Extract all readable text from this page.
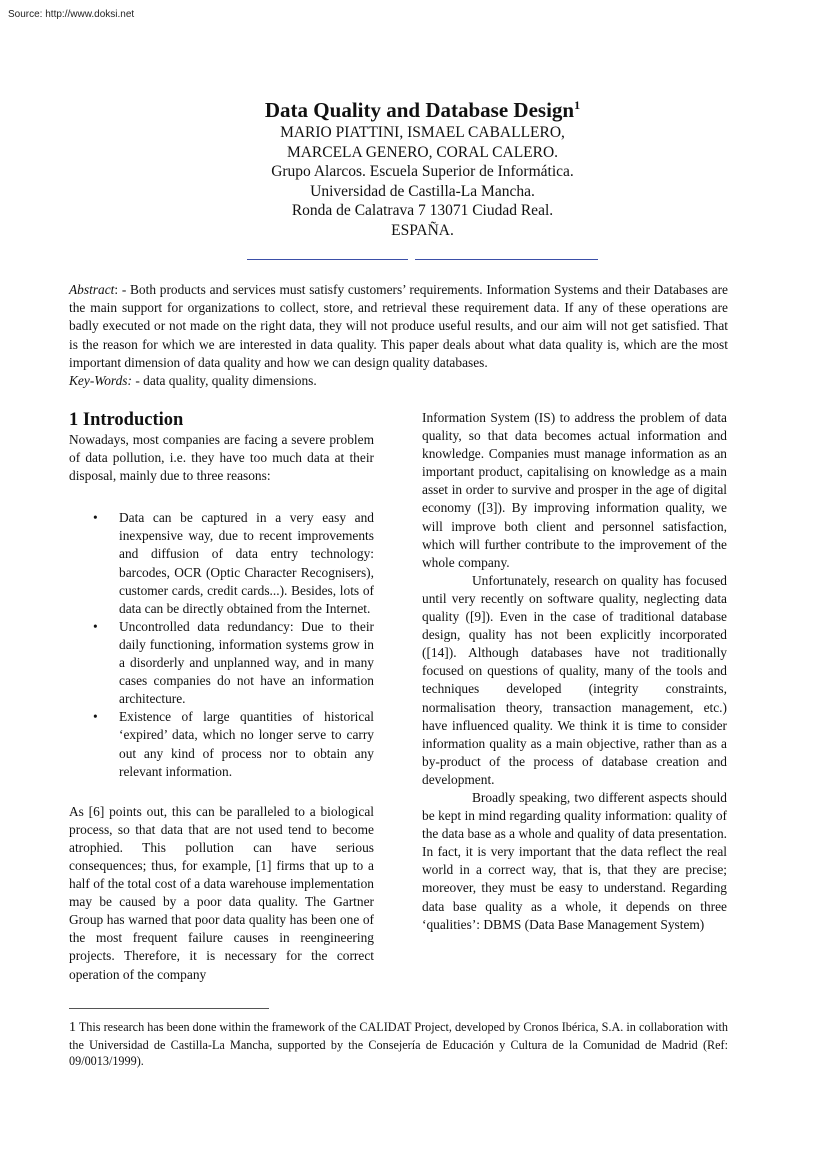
Source: http://www.doksi.net
Data Quality and Database Design$^1$
MARIO PIATTINI, ISMAEL CABALLERO,
MARCELA GENERO, CORAL CALERO.
Grupo Alarcos. Escuela Superior de Informática.
Universidad de Castilla-La Mancha.
Ronda de Calatrava 7 13071 Ciudad Real.
ESPAÑA.
Abstract: - Both products and services must satisfy customers’ requirements. Information Systems and their Databases are the main support for organizations to collect, store, and retrieval these requirement data. If any of these operations are badly executed or not made on the right data, they will not produce useful results, and our aim will not get satisfied. That is the reason for which we are interested in data quality. This paper deals about what data quality is, which are the most important dimension of data quality and how we can design quality databases.
Key-Words: - data quality, quality dimensions.
1 Introduction

Nowadays, most companies are facing a severe problem of data pollution, i.e. they have too much data at their disposal, mainly due to three reasons:

• Data can be captured in a very easy and inexpensive way, due to recent improvements and diffusion of data entry technology: barcodes, OCR (Optic Character Recognisers), customer cards, credit cards...). Besides, lots of data can be directly obtained from the Internet.
• Uncontrolled data redundancy: Due to their daily functioning, information systems grow in a disorderly and unplanned way, and in many cases companies do not have an information architecture.
• Existence of large quantities of historical ‘expired’ data, which no longer serve to carry out any kind of process nor to obtain any relevant information.

As [6] points out, this can be paralleled to a biological process, so that data that are not used tend to become atrophied. This pollution can have serious consequences; thus, for example, [1] firms that up to a half of the total cost of a data warehouse implementation may be caused by a poor data quality. The Gartner Group has warned that poor data quality has been one of the most frequent failure causes in reengineering projects. Therefore, it is necessary for the correct operation of the company

Information System (IS) to address the problem of data quality, so that data becomes actual information and knowledge. Companies must manage information as an important product, capitalising on knowledge as a main asset in order to survive and prosper in the age of digital economy ([3]). By improving information quality, we will improve both client and personnel satisfaction, which will further contribute to the improvement of the whole company.

Unfortunately, research on quality has focused until very recently on software quality, neglecting data quality ([9]). Even in the case of traditional database design, quality has not been explicitly incorporated ([14]). Although databases have not traditionally focused on questions of quality, many of the tools and techniques developed (integrity constraints, normalisation theory, transaction management, etc.) have influenced quality. We think it is time to consider information quality as a main objective, rather than as a by-product of the process of database creation and development.

Broadly speaking, two different aspects should be kept in mind regarding quality information: quality of the data base as a whole and quality of data presentation. In fact, it is very important that the data reflect the real world in a correct way, that is, that they are precise; moreover, they must be easy to understand. Regarding data base quality as a whole, it depends on three ‘qualities’: DBMS (Data Base Management System)

1 This research has been done within the framework of the CALIDAT Project, developed by Cronos Ibérica, S.A. in collaboration with the Universidad de Castilla-La Mancha, supported by the Consejería de Educación y Cultura de la Comunidad de Madrid (Ref: 09/0013/1999).
